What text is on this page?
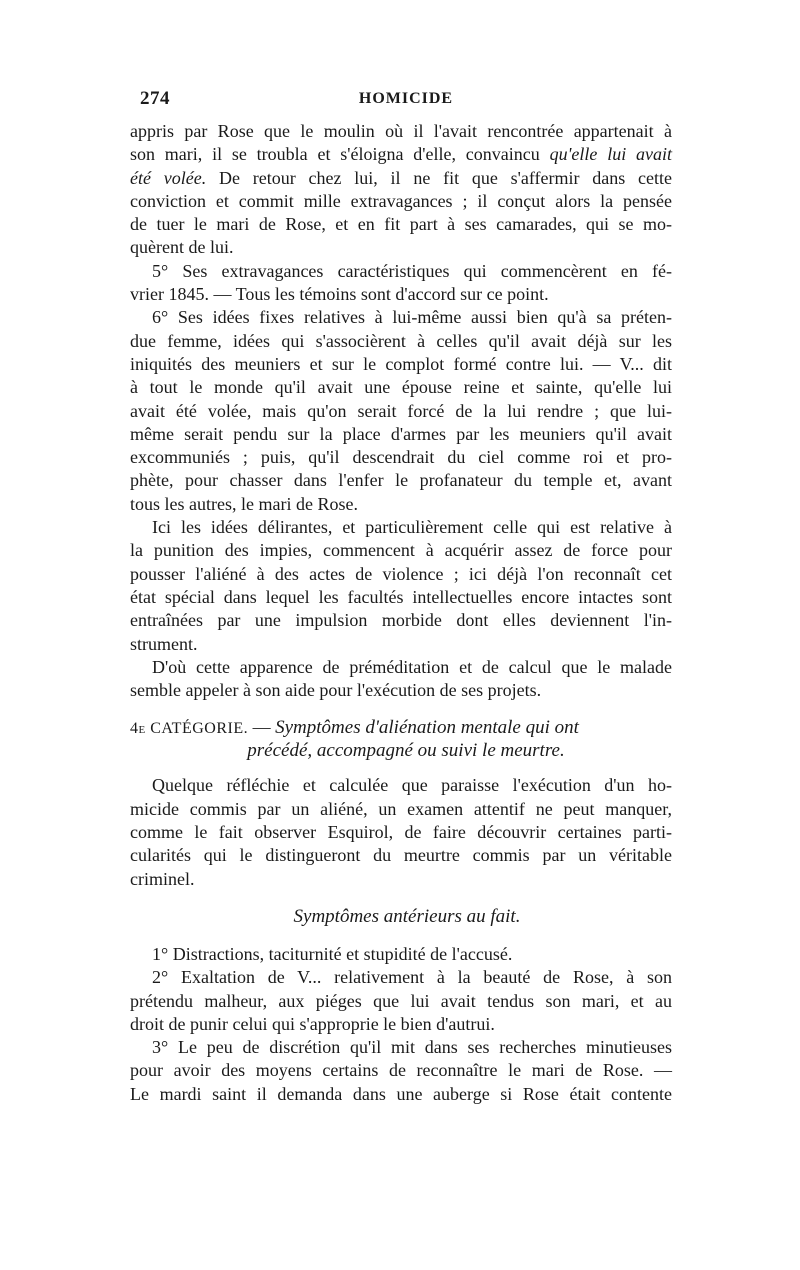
274	HOMICIDE
appris par Rose que le moulin où il l'avait rencontrée appartenait à
son mari, il se troubla et s'éloigna d'elle, convaincu qu'elle lui avait
été volée. De retour chez lui, il ne fit que s'affermir dans cette
conviction et commit mille extravagances ; il conçut alors la pensée
de tuer le mari de Rose, et en fit part à ses camarades, qui se mo-
quèrent de lui.
5° Ses extravagances caractéristiques qui commencèrent en fé-
vrier 1845. — Tous les témoins sont d'accord sur ce point.
6° Ses idées fixes relatives à lui-même aussi bien qu'à sa préten-
due femme, idées qui s'associèrent à celles qu'il avait déjà sur les
iniquités des meuniers et sur le complot formé contre lui. — V... dit
à tout le monde qu'il avait une épouse reine et sainte, qu'elle lui
avait été volée, mais qu'on serait forcé de la lui rendre ; que lui-
même serait pendu sur la place d'armes par les meuniers qu'il avait
excommuniés ; puis, qu'il descendrait du ciel comme roi et pro-
phète, pour chasser dans l'enfer le profanateur du temple et, avant
tous les autres, le mari de Rose.
Ici les idées délirantes, et particulièrement celle qui est relative à
la punition des impies, commencent à acquérir assez de force pour
pousser l'aliéné à des actes de violence ; ici déjà l'on reconnaît cet
état spécial dans lequel les facultés intellectuelles encore intactes sont
entraînées par une impulsion morbide dont elles deviennent l'in-
strument.
D'où cette apparence de préméditation et de calcul que le malade
semble appeler à son aide pour l'exécution de ses projets.
4e CATÉGORIE. — Symptômes d'aliénation mentale qui ont
précédé, accompagné ou suivi le meurtre.
Quelque réfléchie et calculée que paraisse l'exécution d'un ho-
micide commis par un aliéné, un examen attentif ne peut manquer,
comme le fait observer Esquirol, de faire découvrir certaines parti-
cularités qui le distingueront du meurtre commis par un véritable
criminel.
Symptômes antérieurs au fait.
1° Distractions, taciturnité et stupidité de l'accusé.
2° Exaltation de V... relativement à la beauté de Rose, à son
prétendu malheur, aux piéges que lui avait tendus son mari, et au
droit de punir celui qui s'approprie le bien d'autrui.
3° Le peu de discrétion qu'il mit dans ses recherches minutieuses
pour avoir des moyens certains de reconnaître le mari de Rose. —
Le mardi saint il demanda dans une auberge si Rose était contente
